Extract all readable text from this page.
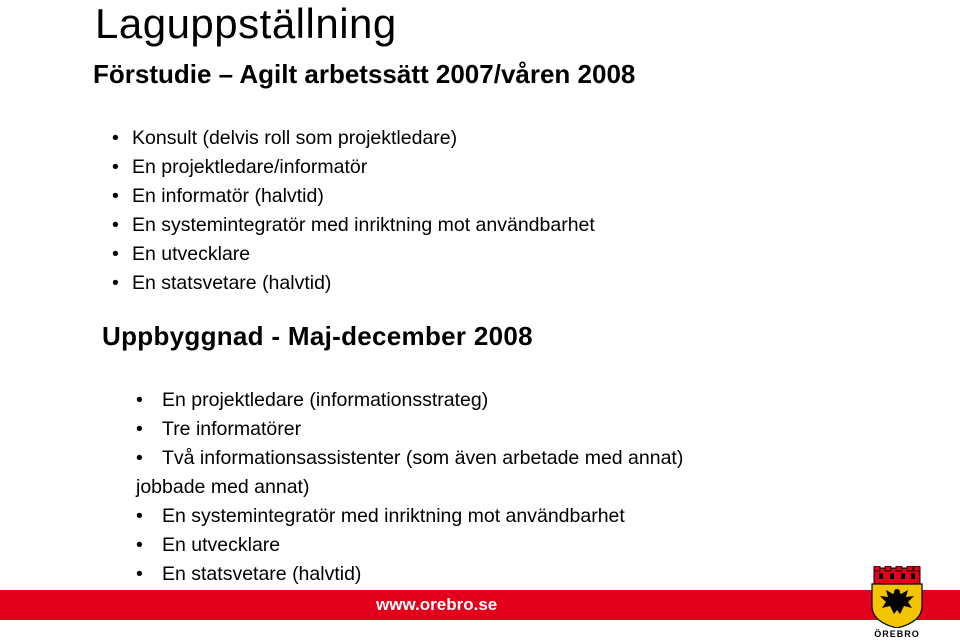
Laguppställning
Förstudie – Agilt arbetssätt 2007/våren 2008
• Konsult (delvis roll som projektledare)
• En projektledare/informatör
• En informatör (halvtid)
• En systemintegratör med inriktning mot användbarhet
• En utvecklare
• En statsvetare (halvtid)
Uppbyggnad - Maj-december 2008
• En projektledare (informationsstrateg)
• Tre informatörer
• Två informationsassistenter (som även arbetade med annat)
jobbade med annat)
• En systemintegratör med inriktning mot användbarhet
• En utvecklare
• En statsvetare (halvtid)
www.orebro.se
ÖREBRO
